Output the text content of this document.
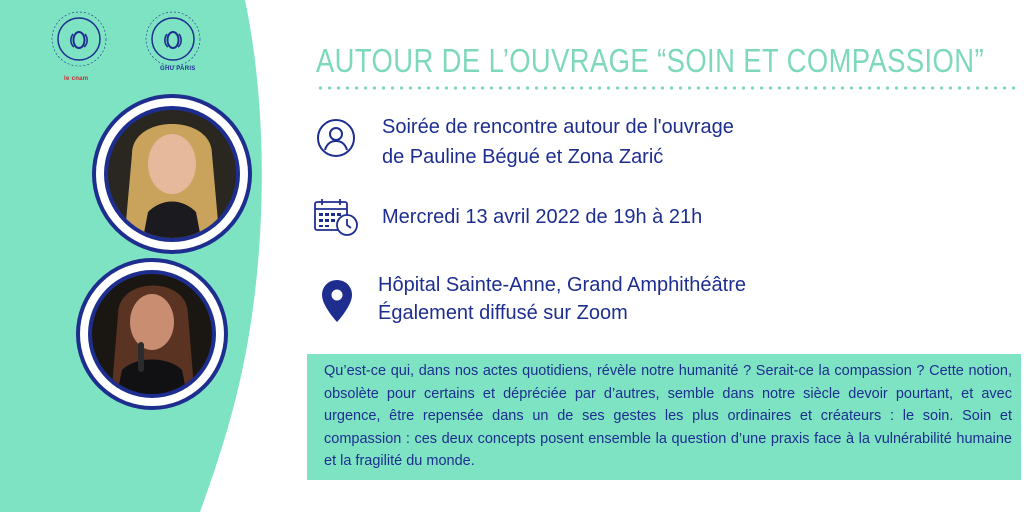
le cnam
GHU PARIS	AUTOUR DE L’OUVRAGE “SOIN ET COMPASSION”
Soirée de rencontre autour de l'ouvrage
de Pauline Bégué et Zona Zarić
Mercredi 13 avril 2022 de 19h à 21h
Hôpital Sainte-Anne, Grand Amphithéâtre
Également diffusé sur Zoom
Qu’est-ce qui, dans nos actes quotidiens, révèle notre humanité ? Serait-ce la compassion ? Cette notion, obsolète pour certains et dépréciée par d’autres, semble dans notre siècle devoir pourtant, et avec urgence, être repensée dans un de ses gestes les plus ordinaires et créateurs : le soin. Soin et compassion : ces deux concepts posent ensemble la question d’une praxis face à la vulnérabilité humaine et la fragilité du monde.
